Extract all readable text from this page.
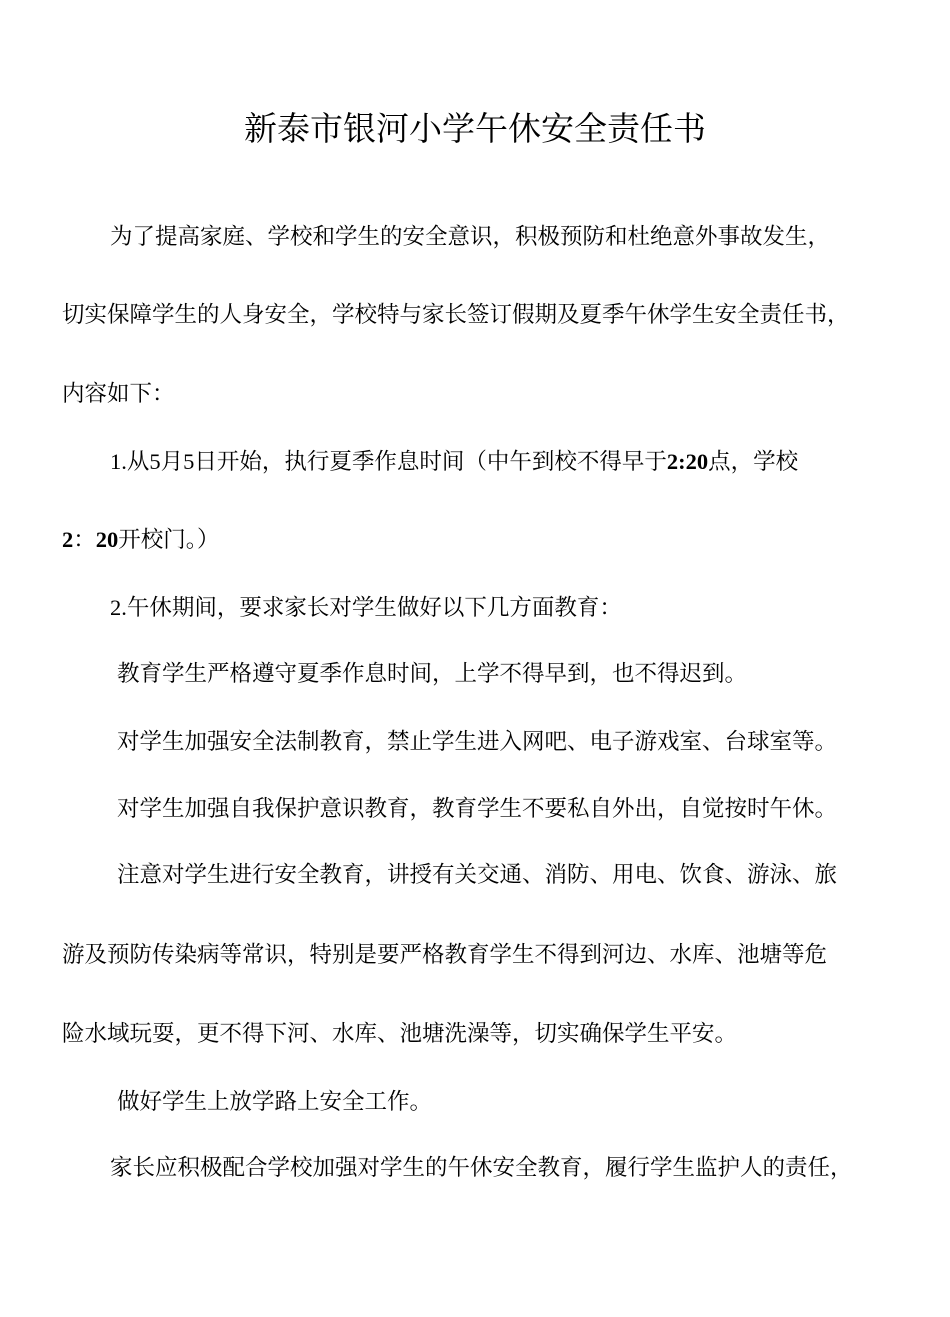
新泰市银河小学午休安全责任书
为了提高家庭、学校和学生的安全意识，积极预防和杜绝意外事故发生，
切实保障学生的人身安全，学校特与家长签订假期及夏季午休学生安全责任书，
内容如下：
1.从5月5日开始，执行夏季作息时间（中午到校不得早于2:20点，学校
2：20开校门。）
2.午休期间，要求家长对学生做好以下几方面教育：
教育学生严格遵守夏季作息时间，上学不得早到，也不得迟到。
对学生加强安全法制教育，禁止学生进入网吧、电子游戏室、台球室等。
对学生加强自我保护意识教育，教育学生不要私自外出，自觉按时午休。
注意对学生进行安全教育，讲授有关交通、消防、用电、饮食、游泳、旅
游及预防传染病等常识，特别是要严格教育学生不得到河边、水库、池塘等危
险水域玩耍，更不得下河、水库、池塘洗澡等，切实确保学生平安。
做好学生上放学路上安全工作。
家长应积极配合学校加强对学生的午休安全教育，履行学生监护人的责任，
